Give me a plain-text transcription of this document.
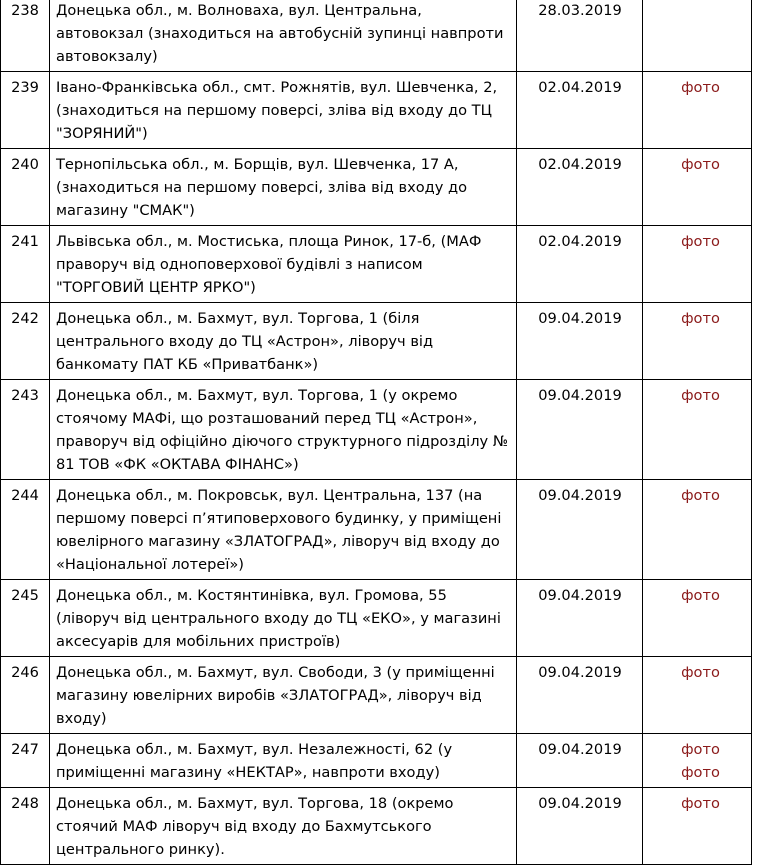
238	Донецька обл., м. Волноваха, вул. Центральна, автовокзал (знаходиться на автобусній зупинці навпроти автовокзалу)	28.03.2019	
239	Івано-Франківська обл., смт. Рожнятів, вул. Шевченка, 2, (знаходиться на першому поверсі, зліва від входу до ТЦ "ЗОРЯНИЙ")	02.04.2019	фото

240	Тернопільська обл., м. Борщів, вул. Шевченка, 17 А, (знаходиться на першому поверсі, зліва від входу до магазину "СМАК")	02.04.2019	фото

241	Львівська обл., м. Мостиська, площа Ринок, 17-б, (МАФ праворуч від одноповерхової будівлі з написом "ТОРГОВИЙ ЦЕНТР ЯРКО")	02.04.2019	фото

242	Донецька обл., м. Бахмут, вул. Торгова, 1 (біля центрального входу до ТЦ «Астрон», ліворуч від банкомату ПАТ КБ «Приватбанк»)	09.04.2019	фото

243	Донецька обл., м. Бахмут, вул. Торгова, 1 (у окремо стоячому МАФі, що розташований перед ТЦ «Астрон», праворуч від офіційно діючого структурного підрозділу № 81 ТОВ «ФК «ОКТАВА ФІНАНС»)	09.04.2019	фото

244	Донецька обл., м. Покровськ, вул. Центральна, 137 (на першому поверсі п’ятиповерхового будинку, у приміщені ювелірного магазину «ЗЛАТОГРАД», ліворуч від входу до «Національної лотереї»)	09.04.2019	фото

245	Донецька обл., м. Костянтинівка, вул. Громова, 55 (ліворуч від центрального входу до ТЦ «ЕКО», у магазині аксесуарів для мобільних пристроїв)	09.04.2019	фото

246	Донецька обл., м. Бахмут, вул. Свободи, 3 (у приміщенні магазину ювелірних виробів «ЗЛАТОГРАД», ліворуч від входу)	09.04.2019	фото

247	Донецька обл., м. Бахмут, вул. Незалежності, 62 (у приміщенні магазину «НЕКТАР», навпроти входу)	09.04.2019	фото
фото

248	Донецька обл., м. Бахмут, вул. Торгова, 18 (окремо стоячий МАФ ліворуч від входу до Бахмутського центрального ринку).	09.04.2019	фото
